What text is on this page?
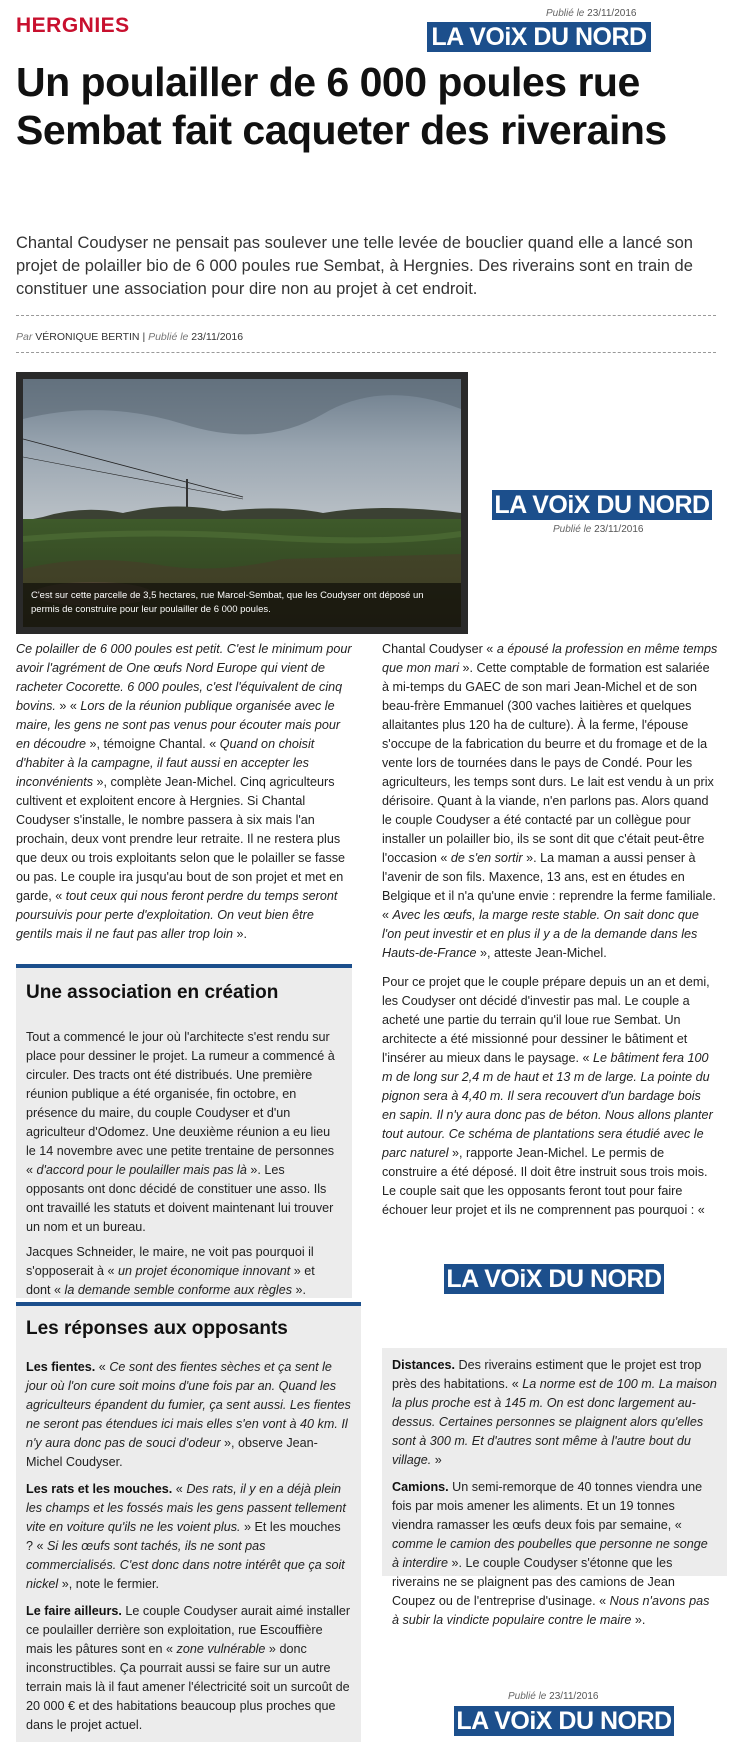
HERGNIES
Publié le 23/11/2016
LA VOiX DU NORD
Un poulailler de 6 000 poules rue Sembat fait caqueter des riverains

Chantal Coudyser ne pensait pas soulever une telle levée de bouclier quand elle a lancé son projet de polailler bio de 6 000 poules rue Sembat, à Hergnies. Des riverains sont en train de constituer une association pour dire non au projet à cet endroit.

Par VÉRONIQUE BERTIN | Publié le 23/11/2016
C'est sur cette parcelle de 3,5 hectares, rue Marcel-Sembat, que les Coudyser ont déposé un permis de construire pour leur poulailler de 6 000 poules.
LA VOiX DU NORD
Publié le 23/11/2016

Ce polailler de 6 000 poules est petit. C'est le minimum pour avoir l'agrément de One œufs Nord Europe qui vient de racheter Cocorette. 6 000 poules, c'est l'équivalent de cinq bovins. » « Lors de la réunion publique organisée avec le maire, les gens ne sont pas venus pour écouter mais pour en découdre », témoigne Chantal. « Quand on choisit d'habiter à la campagne, il faut aussi en accepter les inconvénients », complète Jean-Michel. Cinq agriculteurs cultivent et exploitent encore à Hergnies. Si Chantal Coudyser s'installe, le nombre passera à six mais l'an prochain, deux vont prendre leur retraite. Il ne restera plus que deux ou trois exploitants selon que le polailler se fasse ou pas. Le couple ira jusqu'au bout de son projet et met en garde, « tout ceux qui nous feront perdre du temps seront poursuivis pour perte d'exploitation. On veut bien être gentils mais il ne faut pas aller trop loin ».

Chantal Coudyser « a épousé la profession en même temps que mon mari ». Cette comptable de formation est salariée à mi-temps du GAEC de son mari Jean-Michel et de son beau-frère Emmanuel (300 vaches laitières et quelques allaitantes plus 120 ha de culture). À la ferme, l'épouse s'occupe de la fabrication du beurre et du fromage et de la vente lors de tournées dans le pays de Condé. Pour les agriculteurs, les temps sont durs. Le lait est vendu à un prix dérisoire. Quant à la viande, n'en parlons pas. Alors quand le couple Coudyser a été contacté par un collègue pour installer un polailler bio, ils se sont dit que c'était peut-être l'occasion « de s'en sortir ». La maman a aussi penser à l'avenir de son fils. Maxence, 13 ans, est en études en Belgique et il n'a qu'une envie : reprendre la ferme familiale. « Avec les œufs, la marge reste stable. On sait donc que l'on peut investir et en plus il y a de la demande dans les Hauts-de-France », atteste Jean-Michel.

Pour ce projet que le couple prépare depuis un an et demi, les Coudyser ont décidé d'investir pas mal. Le couple a acheté une partie du terrain qu'il loue rue Sembat. Un architecte a été missionné pour dessiner le bâtiment et l'insérer au mieux dans le paysage. « Le bâtiment fera 100 m de long sur 2,4 m de haut et 13 m de large. La pointe du pignon sera à 4,40 m. Il sera recouvert d'un bardage bois en sapin. Il n'y aura donc pas de béton. Nous allons planter tout autour. Ce schéma de plantations sera étudié avec le parc naturel », rapporte Jean-Michel. Le permis de construire a été déposé. Il doit être instruit sous trois mois. Le couple sait que les opposants feront tout pour faire échouer leur projet et ils ne comprennent pas pourquoi : «

Une association en création

Tout a commencé le jour où l'architecte s'est rendu sur place pour dessiner le projet. La rumeur a commencé à circuler. Des tracts ont été distribués. Une première réunion publique a été organisée, fin octobre, en présence du maire, du couple Coudyser et d'un agriculteur d'Odomez. Une deuxième réunion a eu lieu le 14 novembre avec une petite trentaine de personnes « d'accord pour le poulailler mais pas là ». Les opposants ont donc décidé de constituer une asso. Ils ont travaillé les statuts et doivent maintenant lui trouver un nom et un bureau.

Jacques Schneider, le maire, ne voit pas pourquoi il s'opposerait à « un projet économique innovant » et dont « la demande semble conforme aux règles ».	LA VOiX DU NORD
Les réponses aux opposants

Les fientes. « Ce sont des fientes sèches et ça sent le jour où l'on cure soit moins d'une fois par an. Quand les agriculteurs épandent du fumier, ça sent aussi. Les fientes ne seront pas étendues ici mais elles s'en vont à 40 km. Il n'y aura donc pas de souci d'odeur », observe Jean-Michel Coudyser.

Les rats et les mouches. « Des rats, il y en a déjà plein les champs et les fossés mais les gens passent tellement vite en voiture qu'ils ne les voient plus. » Et les mouches ? « Si les œufs sont tachés, ils ne sont pas commercialisés. C'est donc dans notre intérêt que ça soit nickel », note le fermier.

Le faire ailleurs. Le couple Coudyser aurait aimé installer ce poulailler derrière son exploitation, rue Escouffière mais les pâtures sont en « zone vulnérable » donc inconstructibles. Ça pourrait aussi se faire sur un autre terrain mais là il faut amener l'électricité soit un surcoût de 20 000 € et des habitations beaucoup plus proches que dans le projet actuel.

Distances. Des riverains estiment que le projet est trop près des habitations. « La norme est de 100 m. La maison la plus proche est à 145 m. On est donc largement au-dessus. Certaines personnes se plaignent alors qu'elles sont à 300 m. Et d'autres sont même à l'autre bout du village. »

Camions. Un semi-remorque de 40 tonnes viendra une fois par mois amener les aliments. Et un 19 tonnes viendra ramasser les œufs deux fois par semaine, « comme le camion des poubelles que personne ne songe à interdire ». Le couple Coudyser s'étonne que les riverains ne se plaignent pas des camions de Jean Coupez ou de l'entreprise d'usinage. « Nous n'avons pas à subir la vindicte populaire contre le maire ».

Publié le 23/11/2016
LA VOiX DU NORD
